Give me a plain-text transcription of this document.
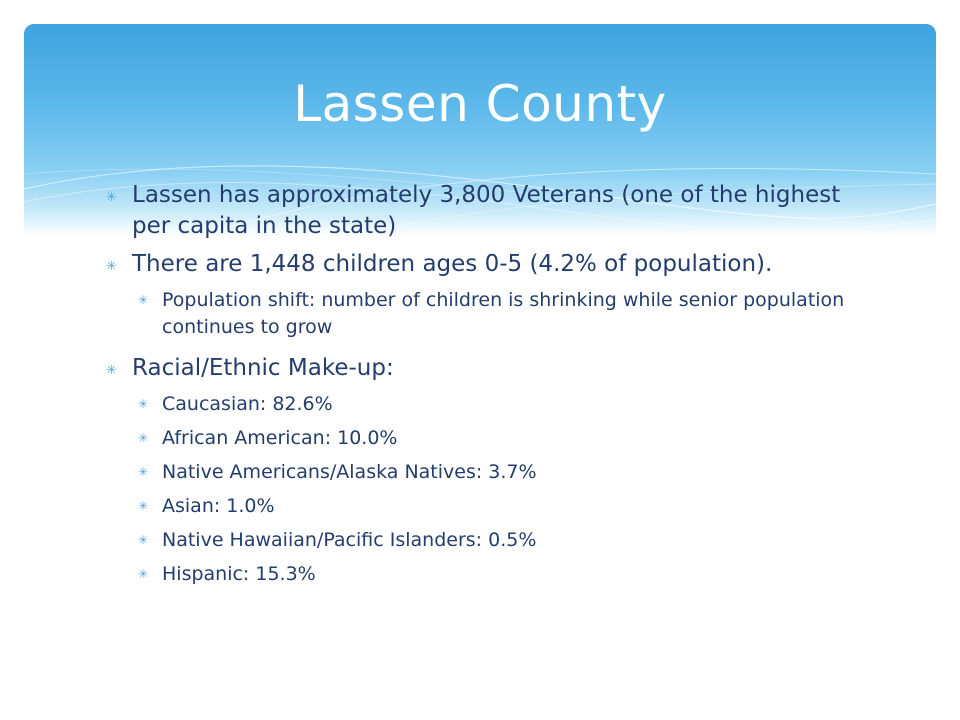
Lassen County
✳ Lassen has approximately 3,800 Veterans (one of the highest per capita in the state)
✳ There are 1,448 children ages 0-5 (4.2% of population).
✳ Population shift: number of children is shrinking while senior population continues to grow
✳ Racial/Ethnic Make-up:
✳ Caucasian: 82.6%
✳ African American: 10.0%
✳ Native Americans/Alaska Natives: 3.7%
✳ Asian: 1.0%
✳ Native Hawaiian/Pacific Islanders: 0.5%
✳ Hispanic: 15.3%
